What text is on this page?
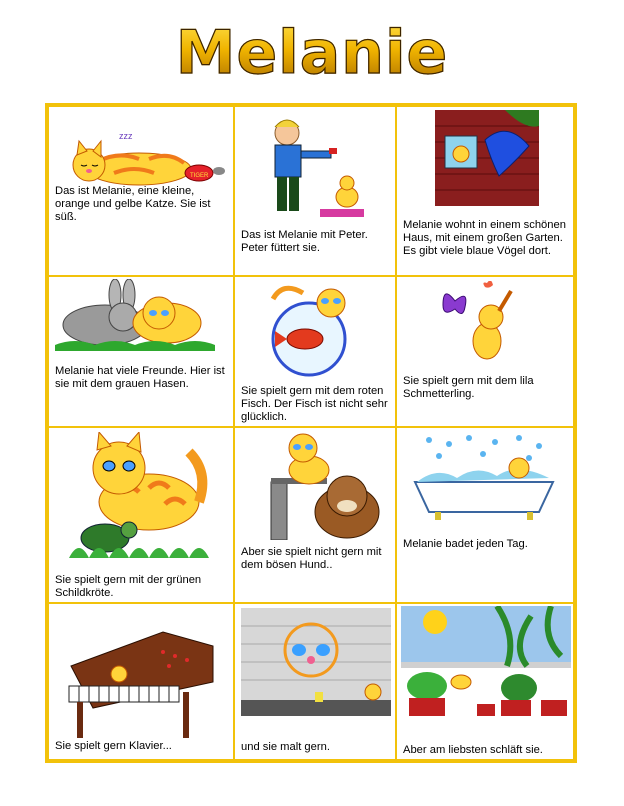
Melanie
TIGER
zzz
Das ist Melanie, eine kleine, orange und gelbe Katze. Sie ist süß.
Das ist Melanie mit Peter. Peter füttert sie.
Melanie wohnt in einem schönen Haus, mit einem großen Garten. Es gibt viele blaue Vögel dort.
Melanie hat viele Freunde. Hier ist sie mit dem grauen Hasen.
Sie spielt gern mit dem roten Fisch. Der Fisch ist nicht sehr glücklich.
Sie spielt gern mit dem lila Schmetterling.
Sie spielt gern mit der grünen Schildkröte.
Aber sie spielt nicht gern mit dem bösen Hund..
Melanie badet jeden Tag.
Sie spielt gern Klavier...	und sie malt gern.	Aber am liebsten schläft sie.
